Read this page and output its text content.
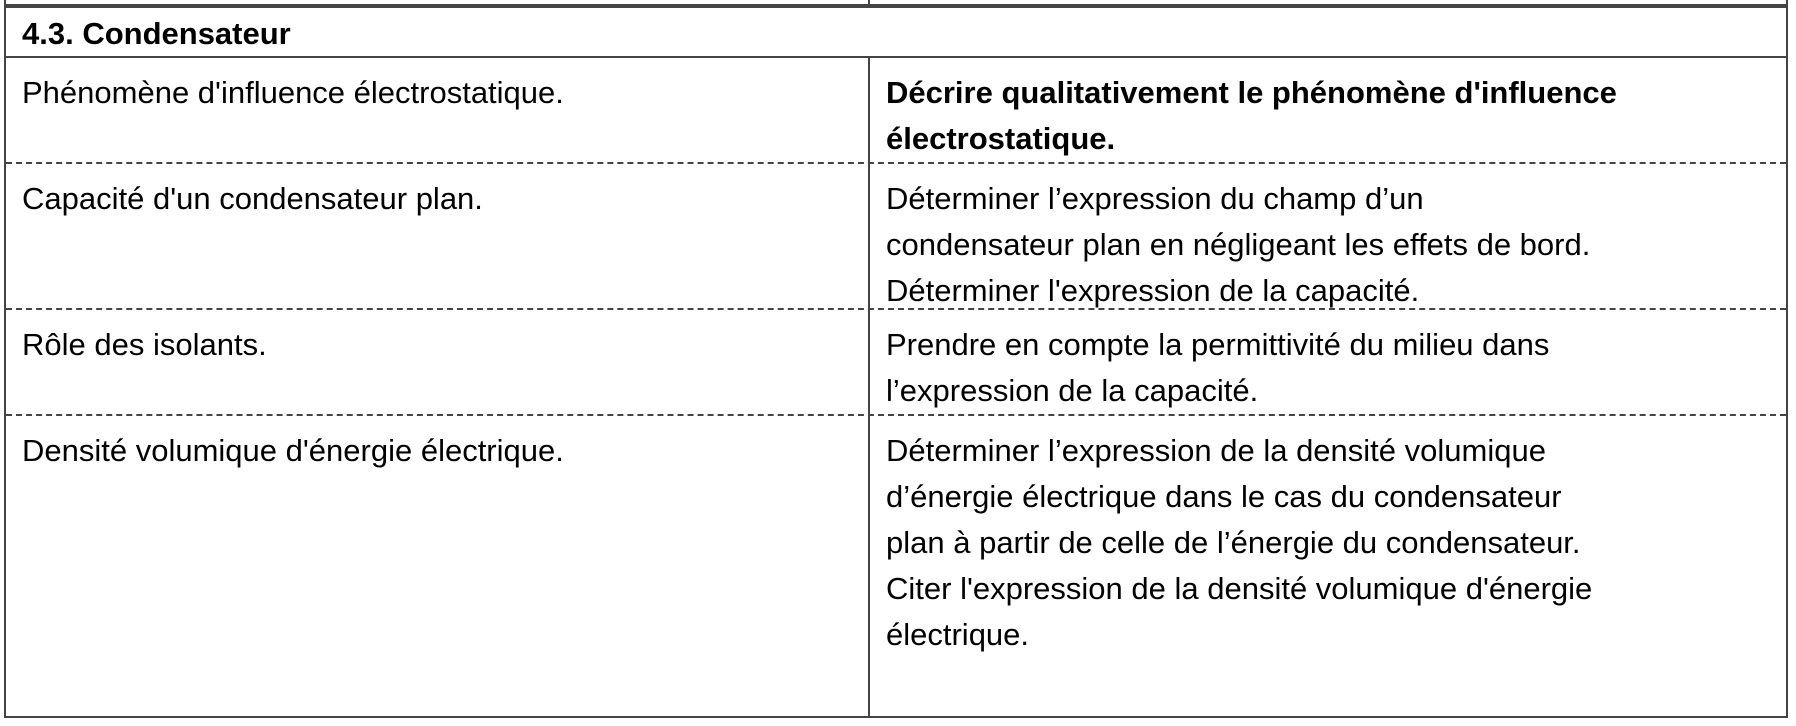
4.3. Condensateur
Phénomène d'influence électrostatique.	Décrire qualitativement le phénomène d'influence
électrostatique.
Capacité d'un condensateur plan.	Déterminer l’expression du champ d’un
condensateur plan en négligeant les effets de bord.
Déterminer l'expression de la capacité.
Rôle des isolants.	Prendre en compte la permittivité du milieu dans
l’expression de la capacité.
Densité volumique d'énergie électrique.	Déterminer l’expression de la densité volumique
d’énergie électrique dans le cas du condensateur
plan à partir de celle de l’énergie du condensateur.
Citer l'expression de la densité volumique d'énergie
électrique.
